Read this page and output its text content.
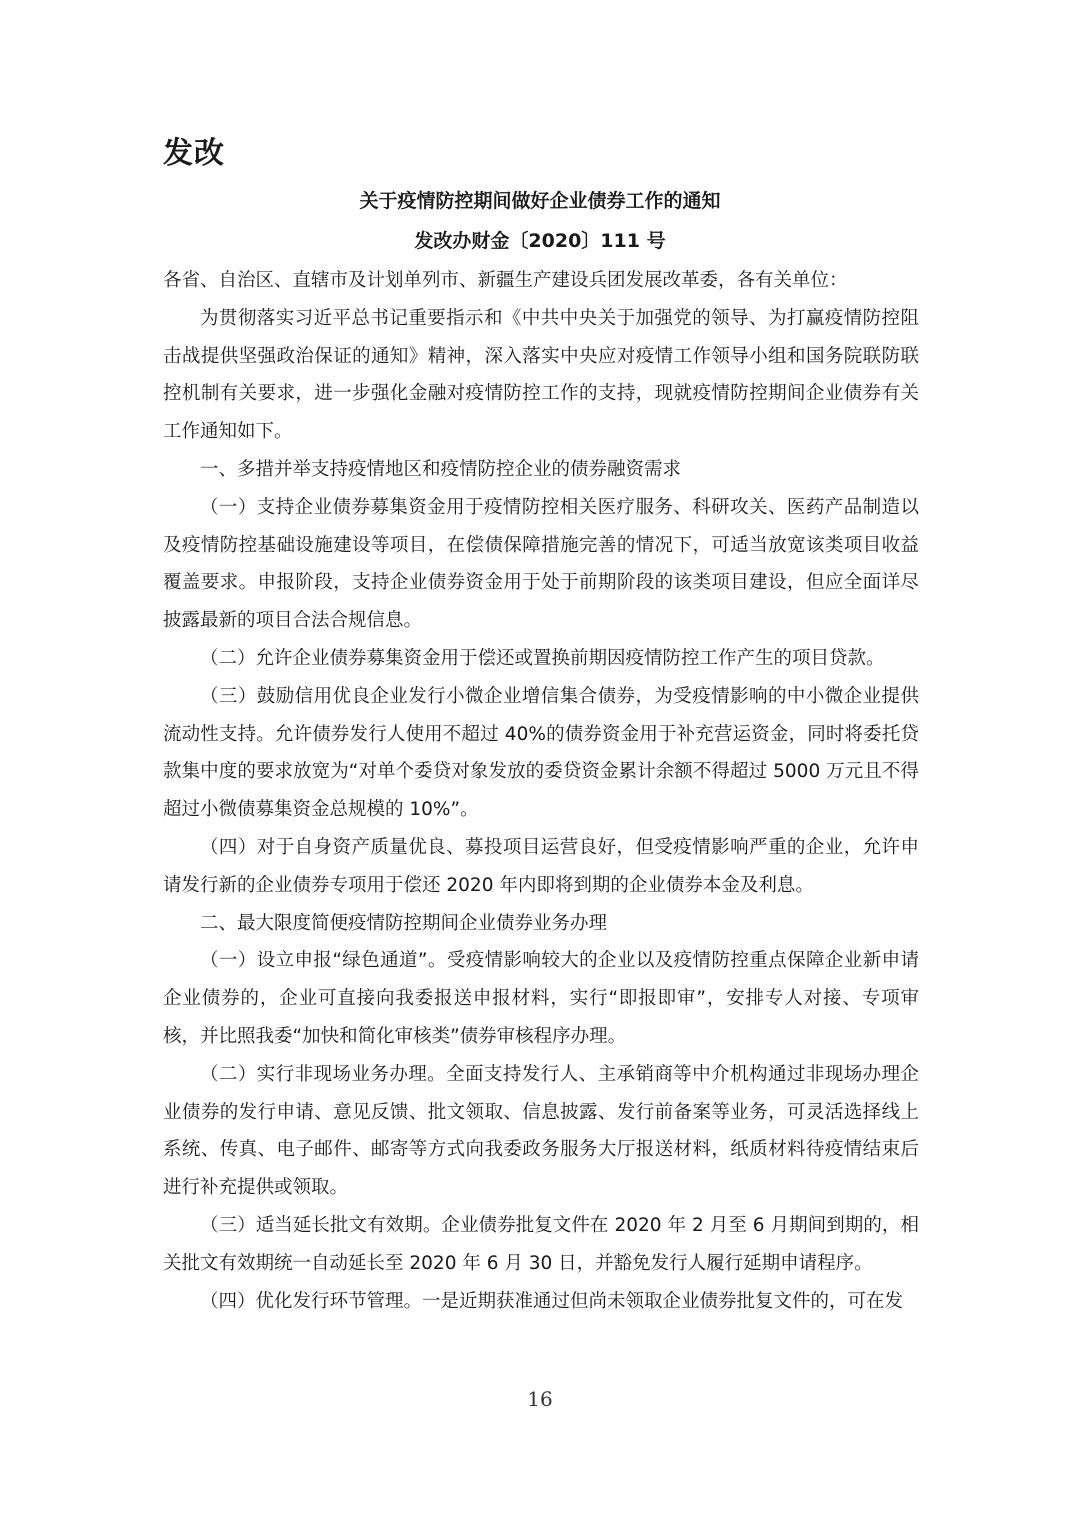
发改
关于疫情防控期间做好企业债券工作的通知
发改办财金〔2020〕111 号

各省、自治区、直辖市及计划单列市、新疆生产建设兵团发展改革委，各有关单位：

为贯彻落实习近平总书记重要指示和《中共中央关于加强党的领导、为打赢疫情防控阻击战提供坚强政治保证的通知》精神，深入落实中央应对疫情工作领导小组和国务院联防联控机制有关要求，进一步强化金融对疫情防控工作的支持，现就疫情防控期间企业债券有关工作通知如下。

一、多措并举支持疫情地区和疫情防控企业的债券融资需求

（一）支持企业债券募集资金用于疫情防控相关医疗服务、科研攻关、医药产品制造以及疫情防控基础设施建设等项目，在偿债保障措施完善的情况下，可适当放宽该类项目收益覆盖要求。申报阶段，支持企业债券资金用于处于前期阶段的该类项目建设，但应全面详尽披露最新的项目合法合规信息。

（二）允许企业债券募集资金用于偿还或置换前期因疫情防控工作产生的项目贷款。

（三）鼓励信用优良企业发行小微企业增信集合债券，为受疫情影响的中小微企业提供流动性支持。允许债券发行人使用不超过 40%的债券资金用于补充营运资金，同时将委托贷款集中度的要求放宽为“对单个委贷对象发放的委贷资金累计余额不得超过 5000 万元且不得超过小微债募集资金总规模的 10%”。

（四）对于自身资产质量优良、募投项目运营良好，但受疫情影响严重的企业，允许申请发行新的企业债券专项用于偿还 2020 年内即将到期的企业债券本金及利息。

二、最大限度简便疫情防控期间企业债券业务办理

（一）设立申报“绿色通道”。受疫情影响较大的企业以及疫情防控重点保障企业新申请企业债券的，企业可直接向我委报送申报材料，实行“即报即审”，安排专人对接、专项审核，并比照我委“加快和简化审核类”债券审核程序办理。

（二）实行非现场业务办理。全面支持发行人、主承销商等中介机构通过非现场办理企业债券的发行申请、意见反馈、批文领取、信息披露、发行前备案等业务，可灵活选择线上系统、传真、电子邮件、邮寄等方式向我委政务服务大厅报送材料，纸质材料待疫情结束后进行补充提供或领取。

（三）适当延长批文有效期。企业债券批复文件在 2020 年 2 月至 6 月期间到期的，相关批文有效期统一自动延长至 2020 年 6 月 30 日，并豁免发行人履行延期申请程序。

（四）优化发行环节管理。一是近期获准通过但尚未领取企业债券批复文件的，可在发

16
